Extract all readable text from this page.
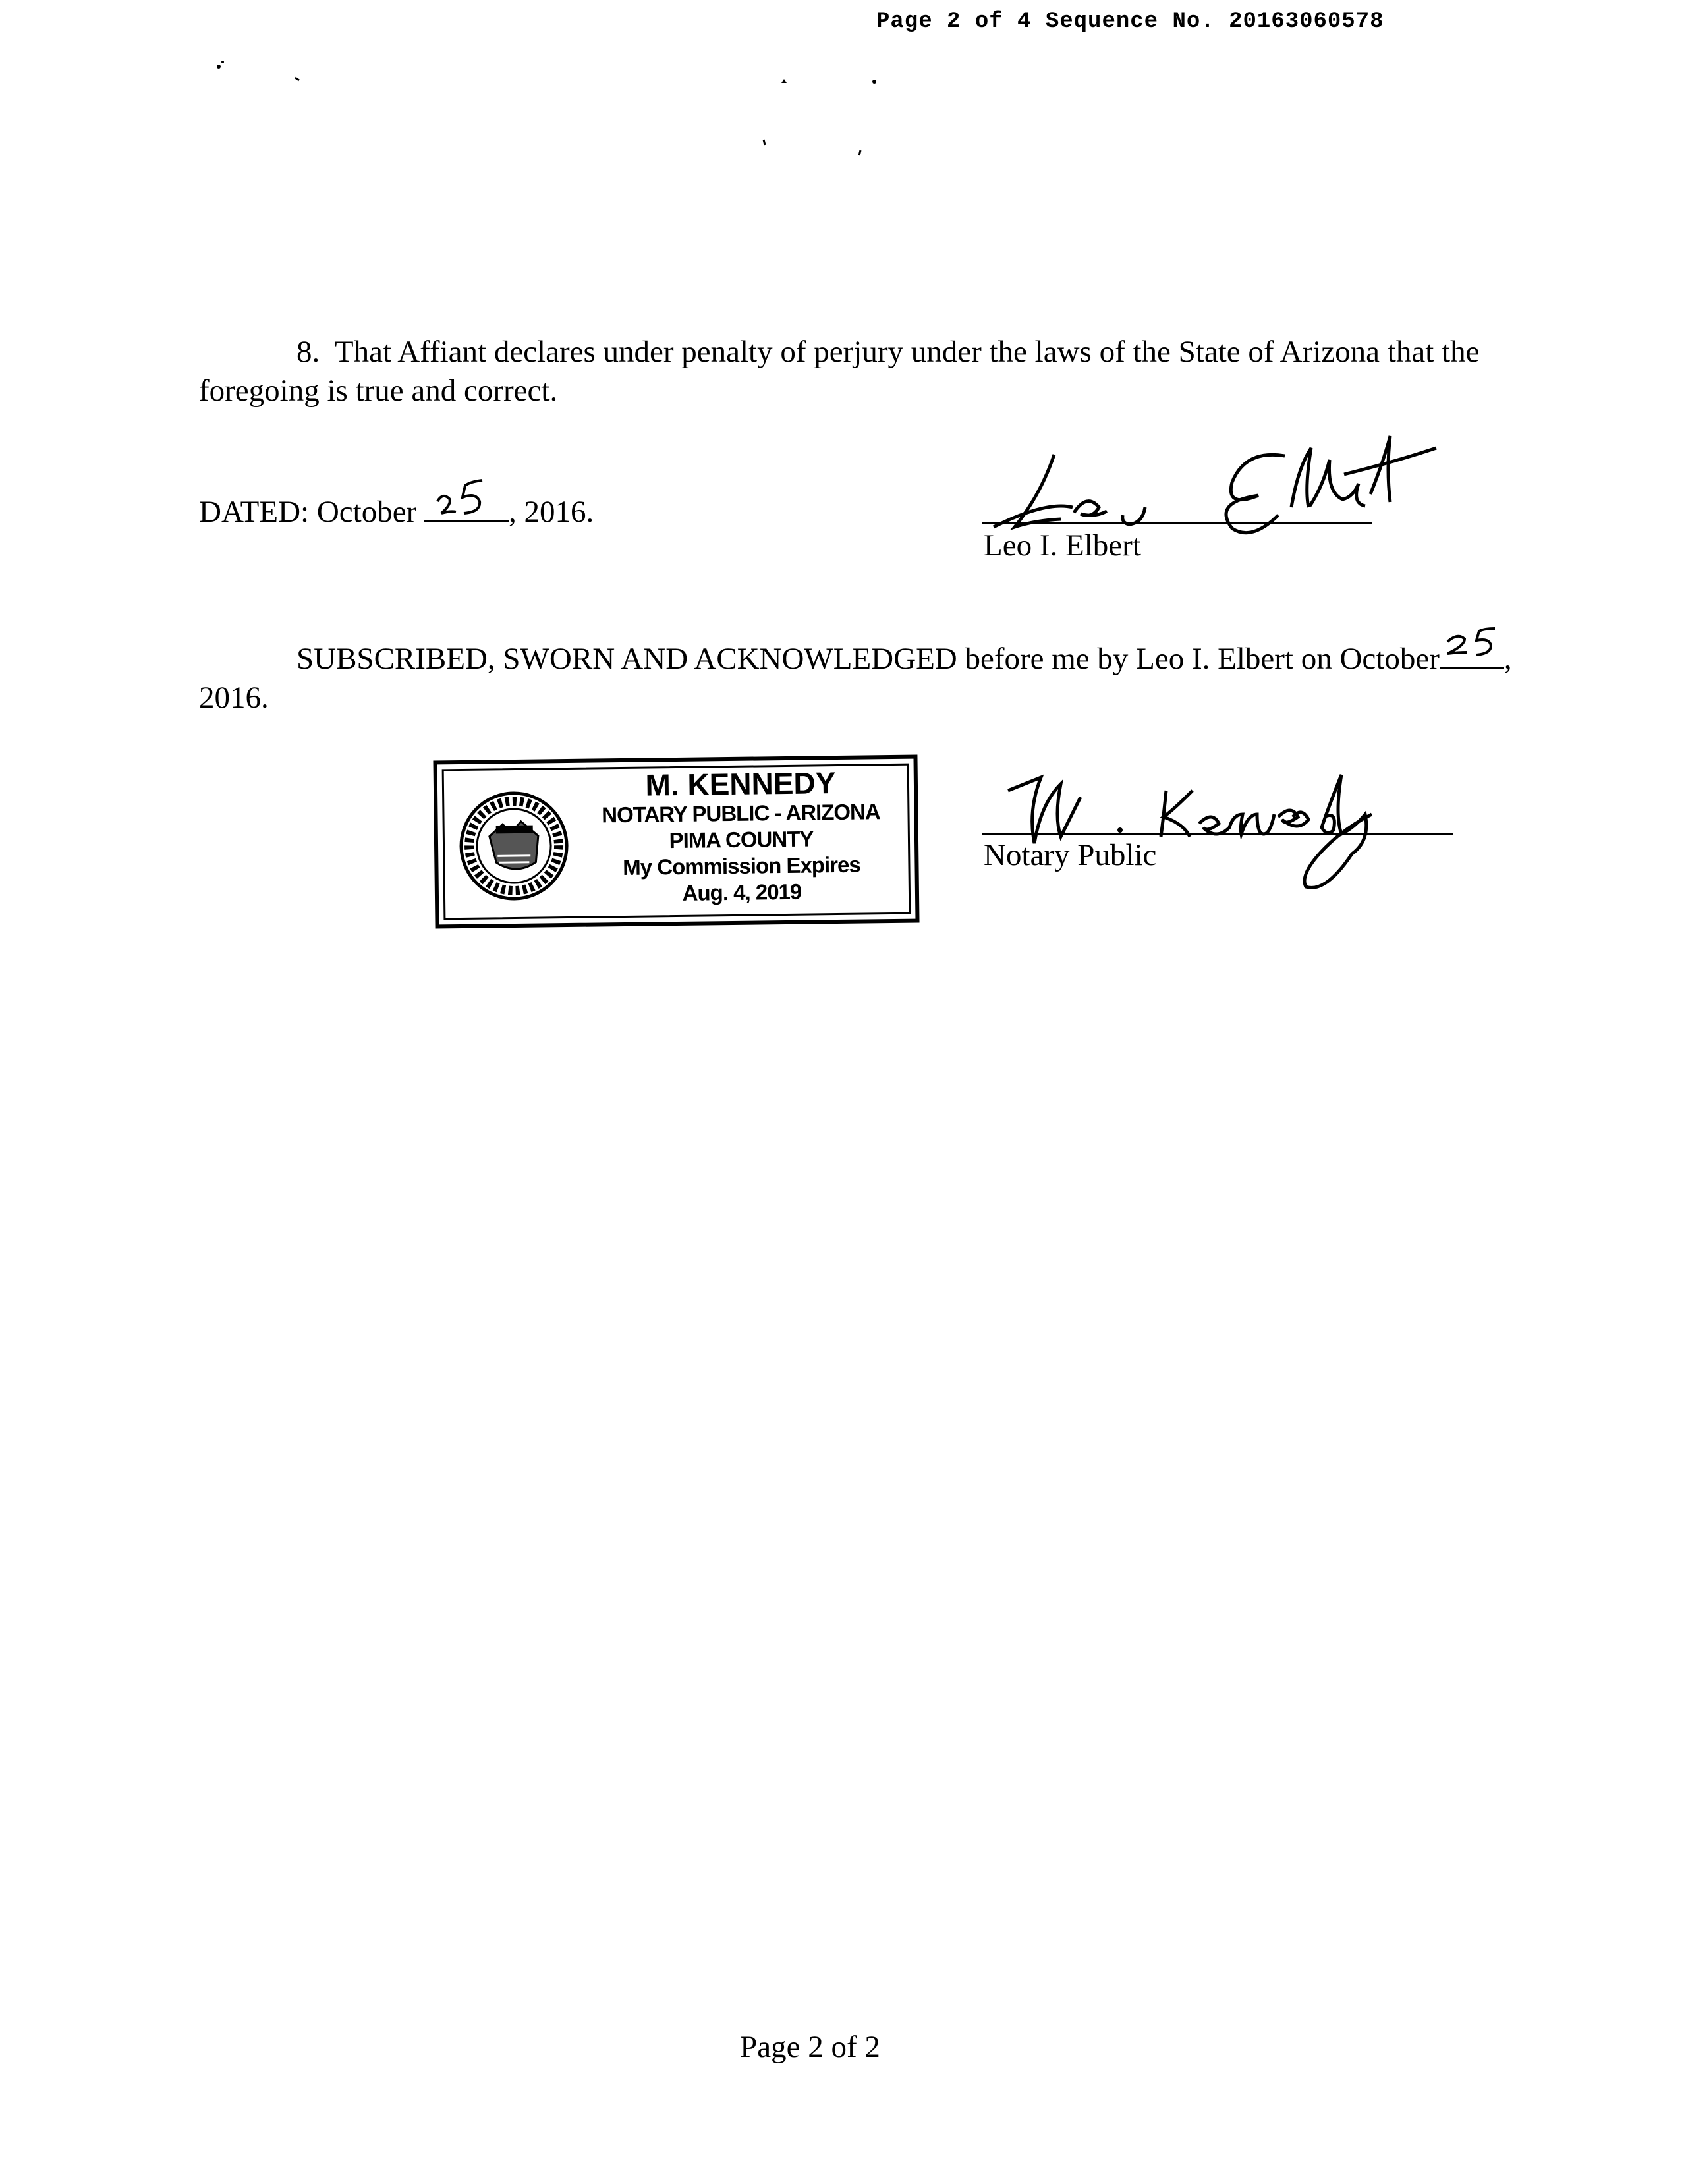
Page 2 of 4 Sequence No. 20163060578
8. That Affiant declares under penalty of perjury under the laws of the State of Arizona that the
foregoing is true and correct.
DATED: October	, 2016.
Leo I. Elbert
SUBSCRIBED, SWORN AND ACKNOWLEDGED before me by Leo I. Elbert on October ,
2016.
M. KENNEDY
NOTARY PUBLIC - ARIZONA
PIMA COUNTY
My Commission Expires
Aug. 4, 2019
Notary Public
Page 2 of 2
